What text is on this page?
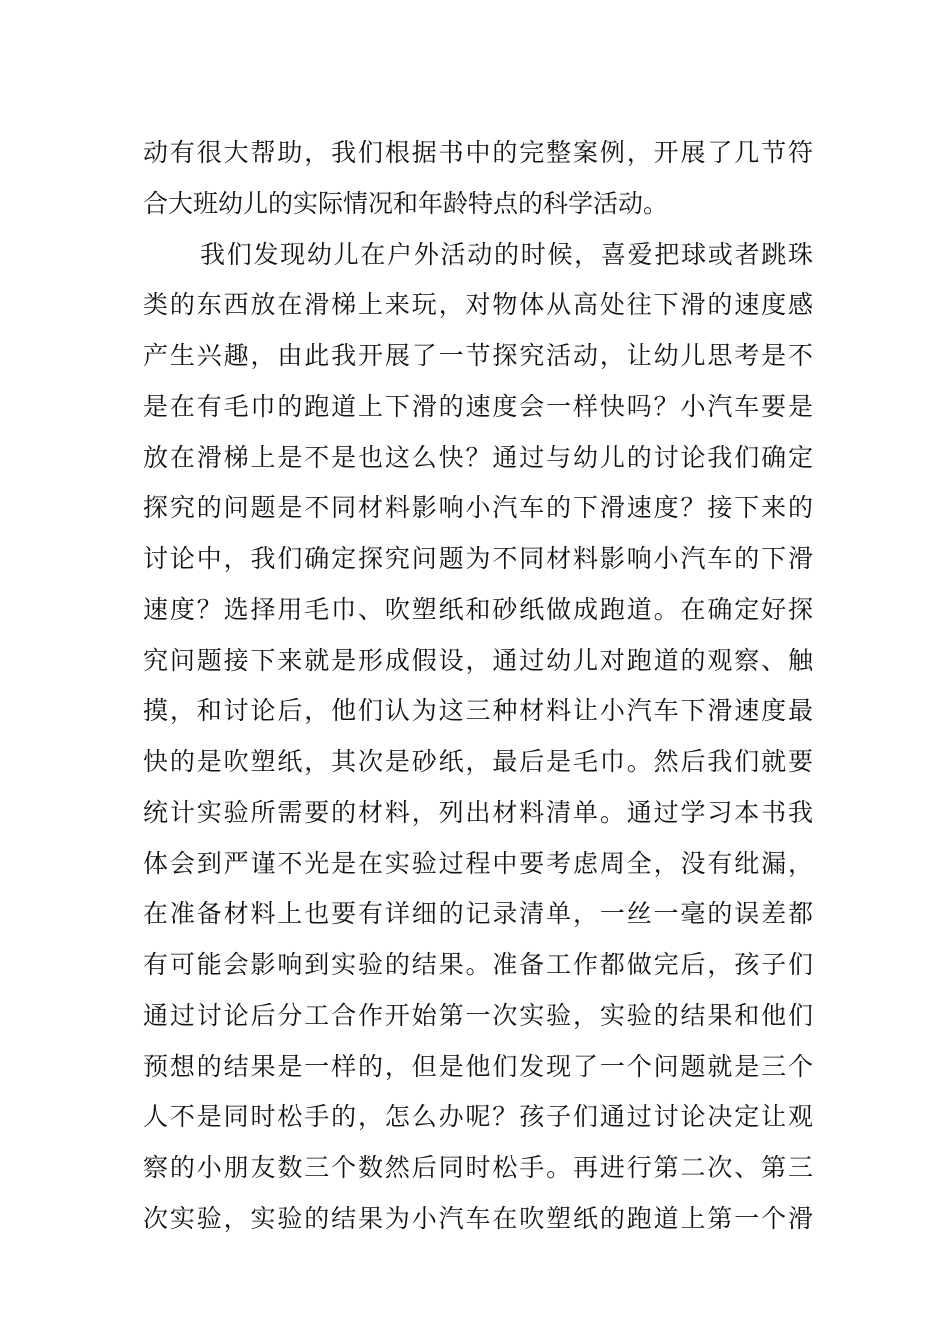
动有很大帮助，我们根据书中的完整案例，开展了几节符
合大班幼儿的实际情况和年龄特点的科学活动。
我们发现幼儿在户外活动的时候，喜爱把球或者跳珠
类的东西放在滑梯上来玩，对物体从高处往下滑的速度感
产生兴趣，由此我开展了一节探究活动，让幼儿思考是不
是在有毛巾的跑道上下滑的速度会一样快吗？小汽车要是
放在滑梯上是不是也这么快？通过与幼儿的讨论我们确定
探究的问题是不同材料影响小汽车的下滑速度？接下来的
讨论中，我们确定探究问题为不同材料影响小汽车的下滑
速度？选择用毛巾、吹塑纸和砂纸做成跑道。在确定好探
究问题接下来就是形成假设，通过幼儿对跑道的观察、触
摸，和讨论后，他们认为这三种材料让小汽车下滑速度最
快的是吹塑纸，其次是砂纸，最后是毛巾。然后我们就要
统计实验所需要的材料，列出材料清单。通过学习本书我
体会到严谨不光是在实验过程中要考虑周全，没有纰漏，
在准备材料上也要有详细的记录清单，一丝一毫的误差都
有可能会影响到实验的结果。准备工作都做完后，孩子们
通过讨论后分工合作开始第一次实验，实验的结果和他们
预想的结果是一样的，但是他们发现了一个问题就是三个
人不是同时松手的，怎么办呢？孩子们通过讨论决定让观
察的小朋友数三个数然后同时松手。再进行第二次、第三
次实验，实验的结果为小汽车在吹塑纸的跑道上第一个滑
